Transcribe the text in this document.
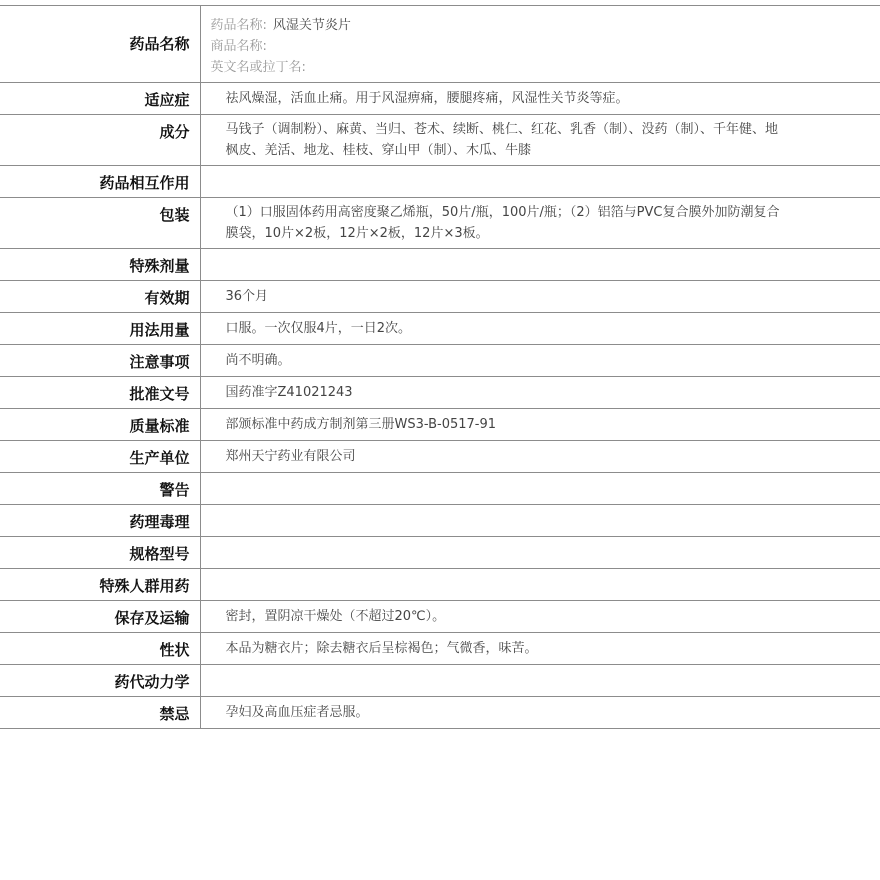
药品名称	药品名称: 风湿关节炎片
商品名称:
英文名或拉丁名:

适应症	祛风燥湿，活血止痛。用于风湿痹痛，腰腿疼痛，风湿性关节炎等症。
成分	马钱子（调制粉）、麻黄、当归、苍术、续断、桃仁、红花、乳香（制）、没药（制）、千年健、地枫皮、羌活、地龙、桂枝、穿山甲（制）、木瓜、牛膝
药品相互作用	
包装	（1）口服固体药用高密度聚乙烯瓶，50片/瓶，100片/瓶；（2）铝箔与PVC复合膜外加防潮复合膜袋，10片×2板，12片×2板，12片×3板。
特殊剂量	
有效期	36个月
用法用量	口服。一次仅服4片，一日2次。
注意事项	尚不明确。
批准文号	国药准字Z41021243
质量标准	部颁标准中药成方制剂第三册WS3-B-0517-91
生产单位	郑州天宁药业有限公司
警告	
药理毒理	
规格型号	
特殊人群用药	
保存及运输	密封，置阴凉干燥处（不超过20℃）。
性状	本品为糖衣片；除去糖衣后呈棕褐色；气微香，味苦。
药代动力学	
禁忌	孕妇及高血压症者忌服。
